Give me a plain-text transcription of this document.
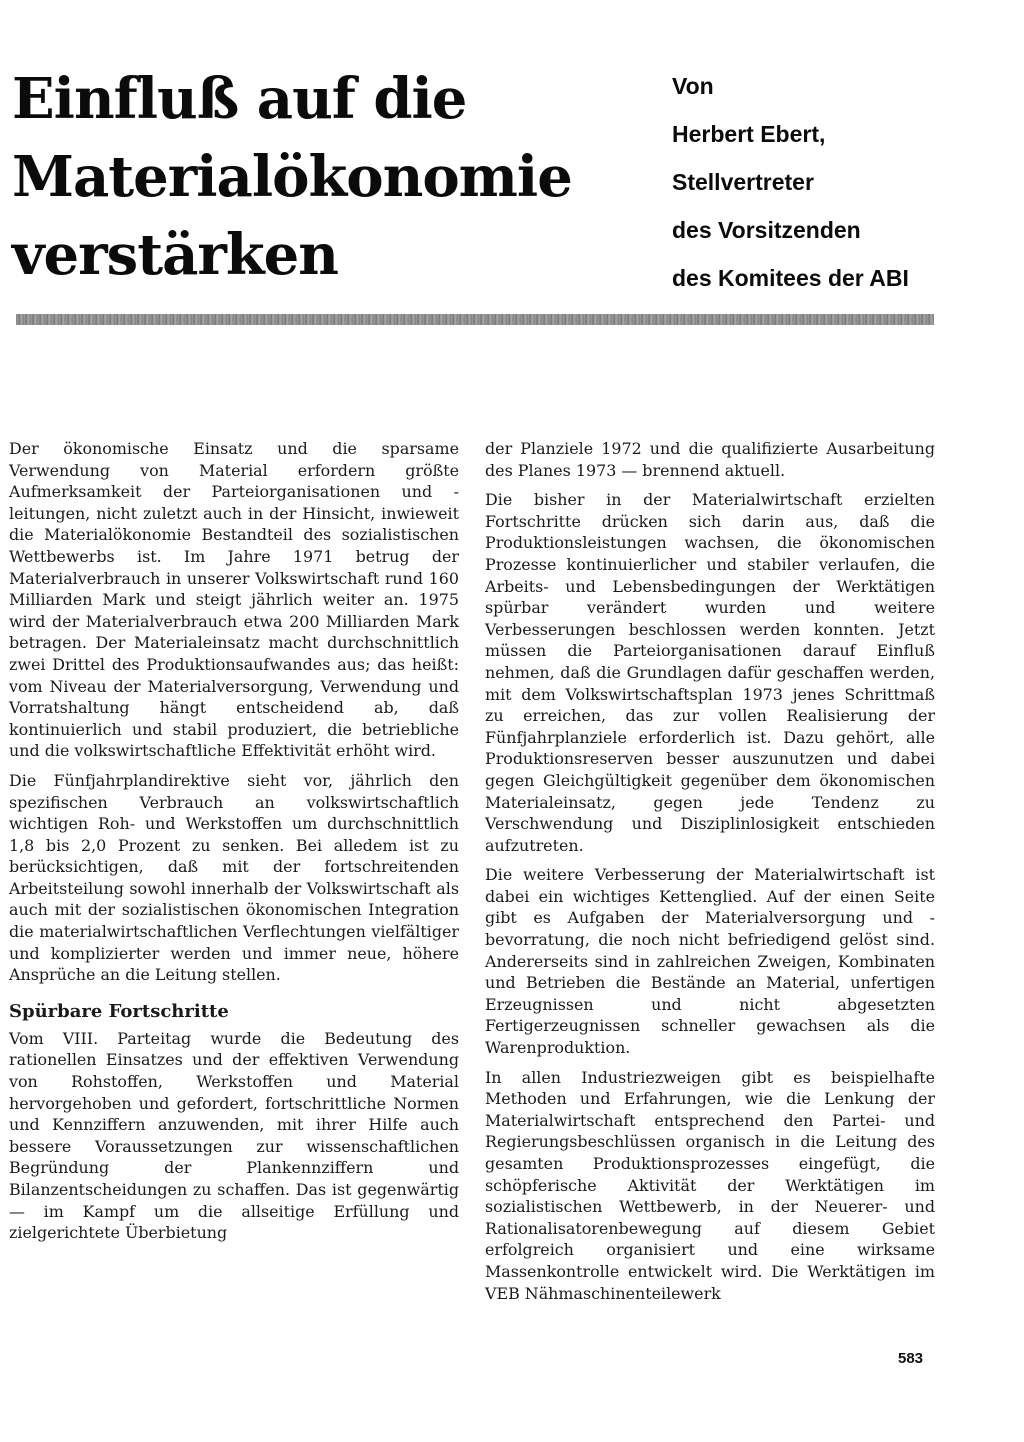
Einfluß auf die
Materialökonomie
verstärken
Von
Herbert Ebert,
Stellvertreter
des Vorsitzenden
des Komitees der ABI

Der ökonomische Einsatz und die sparsame Verwendung von Material erfordern größte Aufmerksamkeit der Parteiorganisationen und -leitungen, nicht zuletzt auch in der Hinsicht, inwieweit die Materialökonomie Bestandteil des sozialistischen Wettbewerbs ist. Im Jahre 1971 betrug der Materialverbrauch in unserer Volkswirtschaft rund 160 Milliarden Mark und steigt jährlich weiter an. 1975 wird der Materialverbrauch etwa 200 Milliarden Mark betragen. Der Materialeinsatz macht durchschnittlich zwei Drittel des Produktionsaufwandes aus; das heißt: vom Niveau der Materialversorgung, Verwendung und Vorratshaltung hängt entscheidend ab, daß kontinuierlich und stabil produziert, die betriebliche und die volkswirtschaftliche Effektivität erhöht wird.

Die Fünfjahrplandirektive sieht vor, jährlich den spezifischen Verbrauch an volkswirtschaftlich wichtigen Roh- und Werkstoffen um durchschnittlich 1,8 bis 2,0 Prozent zu senken. Bei alledem ist zu berücksichtigen, daß mit der fortschreitenden Arbeitsteilung sowohl innerhalb der Volkswirtschaft als auch mit der sozialistischen ökonomischen Integration die materialwirtschaftlichen Verflechtungen vielfältiger und komplizierter werden und immer neue, höhere Ansprüche an die Leitung stellen.

Spürbare Fortschritte

Vom VIII. Parteitag wurde die Bedeutung des rationellen Einsatzes und der effektiven Verwendung von Rohstoffen, Werkstoffen und Material hervorgehoben und gefordert, fortschrittliche Normen und Kennziffern anzuwenden, mit ihrer Hilfe auch bessere Voraussetzungen zur wissenschaftlichen Begründung der Plankennziffern und Bilanzentscheidungen zu schaffen. Das ist gegenwärtig — im Kampf um die allseitige Erfüllung und zielgerichtete Überbietung

der Planziele 1972 und die qualifizierte Ausarbeitung des Planes 1973 — brennend aktuell.

Die bisher in der Materialwirtschaft erzielten Fortschritte drücken sich darin aus, daß die Produktionsleistungen wachsen, die ökonomischen Prozesse kontinuierlicher und stabiler verlaufen, die Arbeits- und Lebensbedingungen der Werktätigen spürbar verändert wurden und weitere Verbesserungen beschlossen werden konnten. Jetzt müssen die Parteiorganisationen darauf Einfluß nehmen, daß die Grundlagen dafür geschaffen werden, mit dem Volkswirtschaftsplan 1973 jenes Schrittmaß zu erreichen, das zur vollen Realisierung der Fünfjahrplanziele erforderlich ist. Dazu gehört, alle Produktionsreserven besser auszunutzen und dabei gegen Gleichgültigkeit gegenüber dem ökonomischen Materialeinsatz, gegen jede Tendenz zu Verschwendung und Disziplinlosigkeit entschieden aufzutreten.

Die weitere Verbesserung der Materialwirtschaft ist dabei ein wichtiges Kettenglied. Auf der einen Seite gibt es Aufgaben der Materialversorgung und -bevorratung, die noch nicht befriedigend gelöst sind. Andererseits sind in zahlreichen Zweigen, Kombinaten und Betrieben die Bestände an Material, unfertigen Erzeugnissen und nicht abgesetzten Fertigerzeugnissen schneller gewachsen als die Warenproduktion.

In allen Industriezweigen gibt es beispielhafte Methoden und Erfahrungen, wie die Lenkung der Materialwirtschaft entsprechend den Partei- und Regierungsbeschlüssen organisch in die Leitung des gesamten Produktionsprozesses eingefügt, die schöpferische Aktivität der Werktätigen im sozialistischen Wettbewerb, in der Neuerer- und Rationalisatorenbewegung auf diesem Gebiet erfolgreich organisiert und eine wirksame Massenkontrolle entwickelt wird. Die Werktätigen im VEB Nähmaschinenteilewerk

583
